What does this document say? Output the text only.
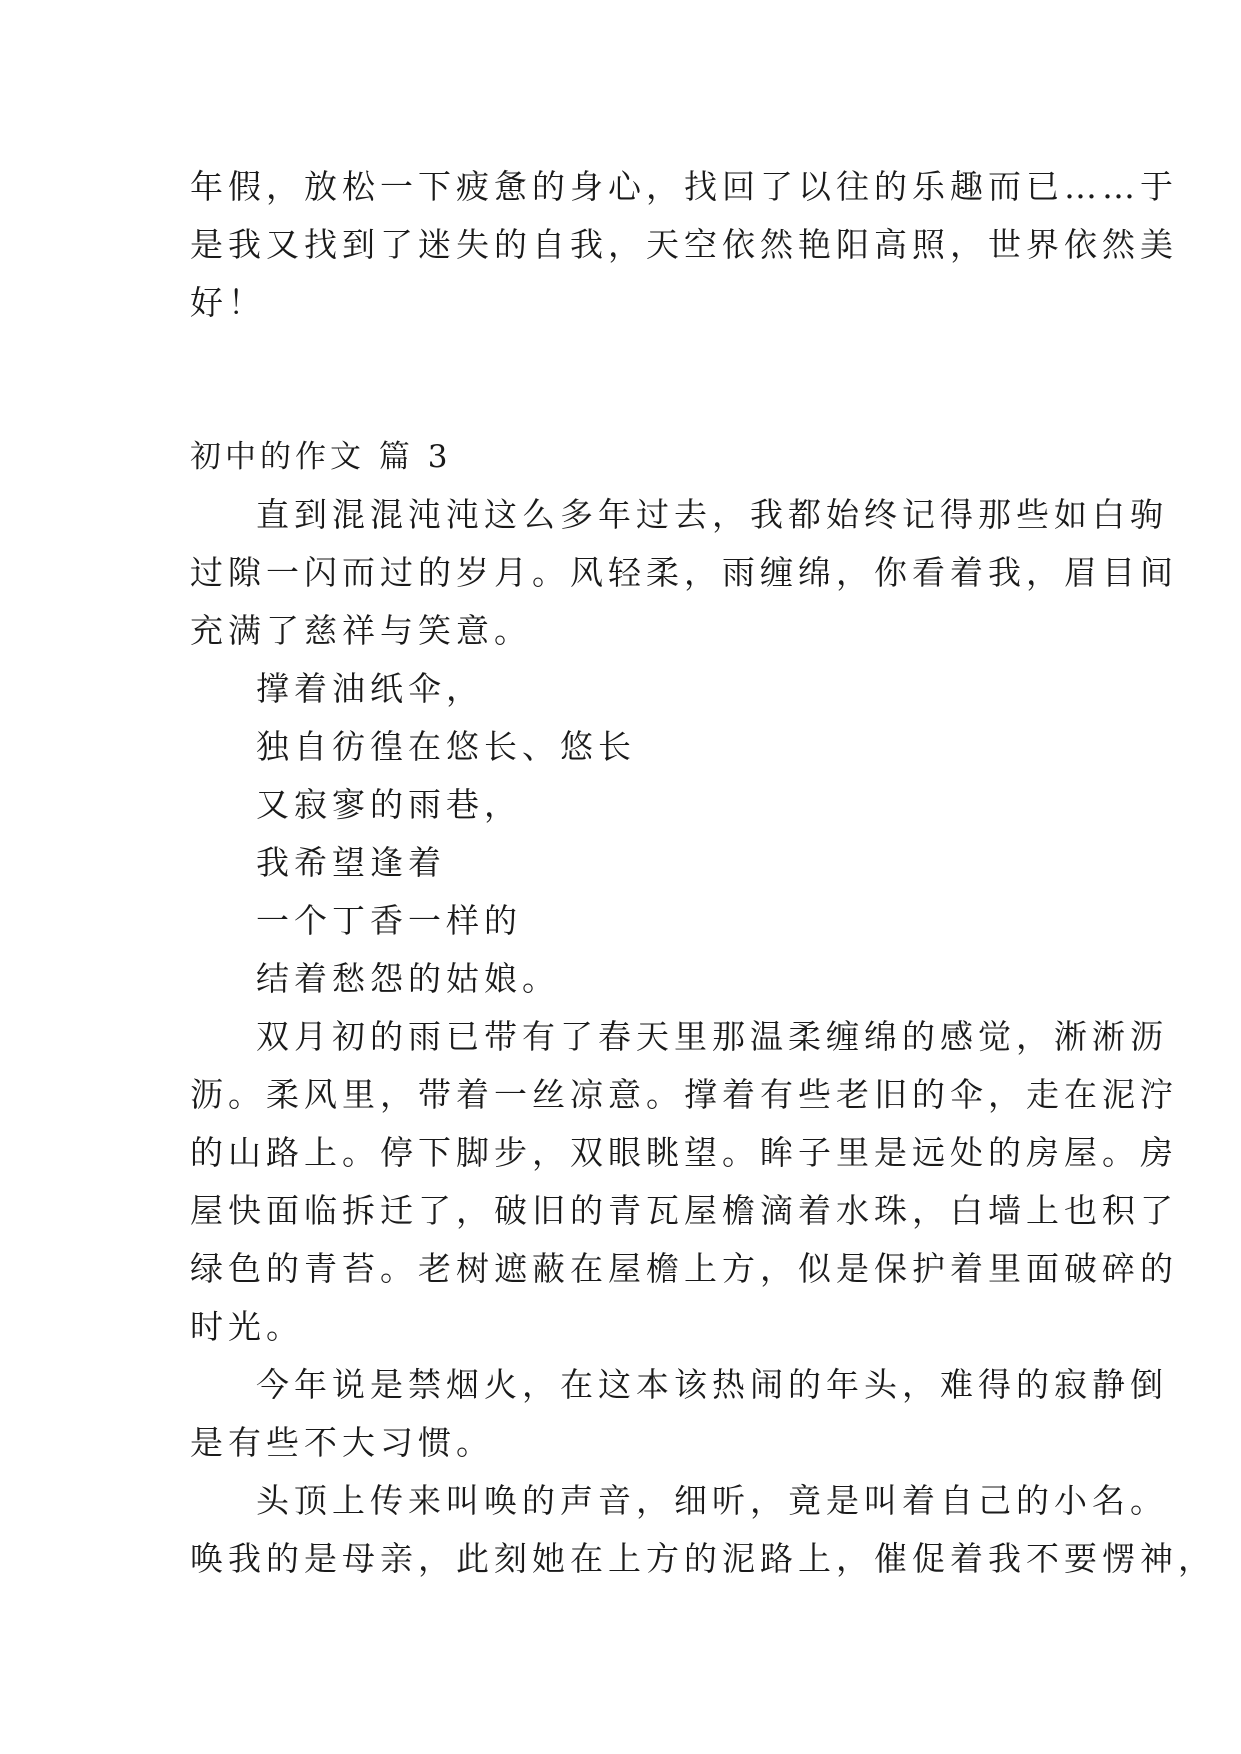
年假，放松一下疲惫的身心，找回了以往的乐趣而已……于

是我又找到了迷失的自我，天空依然艳阳高照，世界依然美

好！

初中的作文 篇 3

直到混混沌沌这么多年过去，我都始终记得那些如白驹

过隙一闪而过的岁月。风轻柔，雨缠绵，你看着我，眉目间

充满了慈祥与笑意。

撑着油纸伞，

独自彷徨在悠长、悠长

又寂寥的雨巷，

我希望逢着

一个丁香一样的

结着愁怨的姑娘。

双月初的雨已带有了春天里那温柔缠绵的感觉，淅淅沥

沥。柔风里，带着一丝凉意。撑着有些老旧的伞，走在泥泞

的山路上。停下脚步，双眼眺望。眸子里是远处的房屋。房

屋快面临拆迁了，破旧的青瓦屋檐滴着水珠，白墙上也积了

绿色的青苔。老树遮蔽在屋檐上方，似是保护着里面破碎的

时光。

今年说是禁烟火，在这本该热闹的年头，难得的寂静倒

是有些不大习惯。

头顶上传来叫唤的声音，细听，竟是叫着自己的小名。

唤我的是母亲，此刻她在上方的泥路上，催促着我不要愣神，
